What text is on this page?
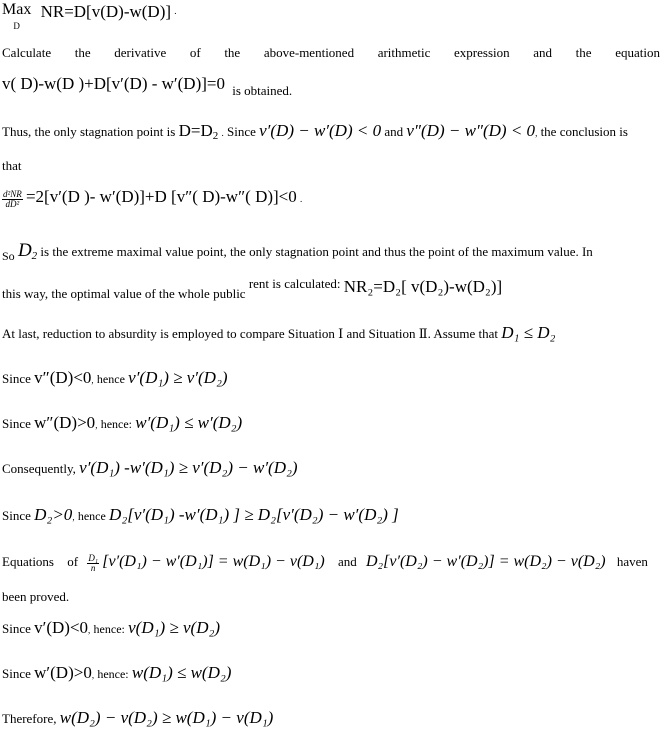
Max
D NR=D[v(D)-w(D)] .
Calculate the derivative of the above-mentioned arithmetic expression and the equation
v( D)-w(D )+D[v′(D) - w′(D)]=0 is obtained.
Thus, the only stagnation point is $D=D_2$ . Since v′(D) − w′(D) < 0 and v″(D) − w″(D) < 0, the conclusion is
that
$\frac{\text{d²NR}}{\text{dD²}} =2[v'(D$ )- w′(D)]+D [v″( D)-w″( D)]<0 .
So $D_2$ is the extreme maximal value point, the only stagnation point and thus the point of the maximum value. In
this way, the optimal value of the whole public rent is calculated: NR₂=D₂[ v(D₂)-w(D₂)]
At last, reduction to absurdity is employed to compare Situation Ⅰ and Situation Ⅱ. Assume that D₁ ≤ D₂
Since v″(D)<0, hence v′(D₁) ≥ v′(D₂)
Since w″(D)>0, hence: w′(D₁) ≤ w′(D₂)
Consequently, v′(D₁) -w′(D₁) ≥ v′(D₂) − w′(D₂)
Since D₂>0, hence D₂[v′(D₁) -w′(D₁) ] ≥ D₂[v′(D₂) − w′(D₂) ]
Equations of $\frac{\text{D₁}}{n} [v'(D_1) - w'(D_1)] = w(D_1) - v(D_1)$ and D₂[v′(D₂) − w′(D₂)] = w(D₂) − v(D₂) haven
been proved.
Since v′(D)<0, hence: v(D₁) ≥ v(D₂)
Since w′(D)>0, hence: w(D₁) ≤ w(D₂)
Therefore, w(D₂) − v(D₂) ≥ w(D₁) − v(D₁)
